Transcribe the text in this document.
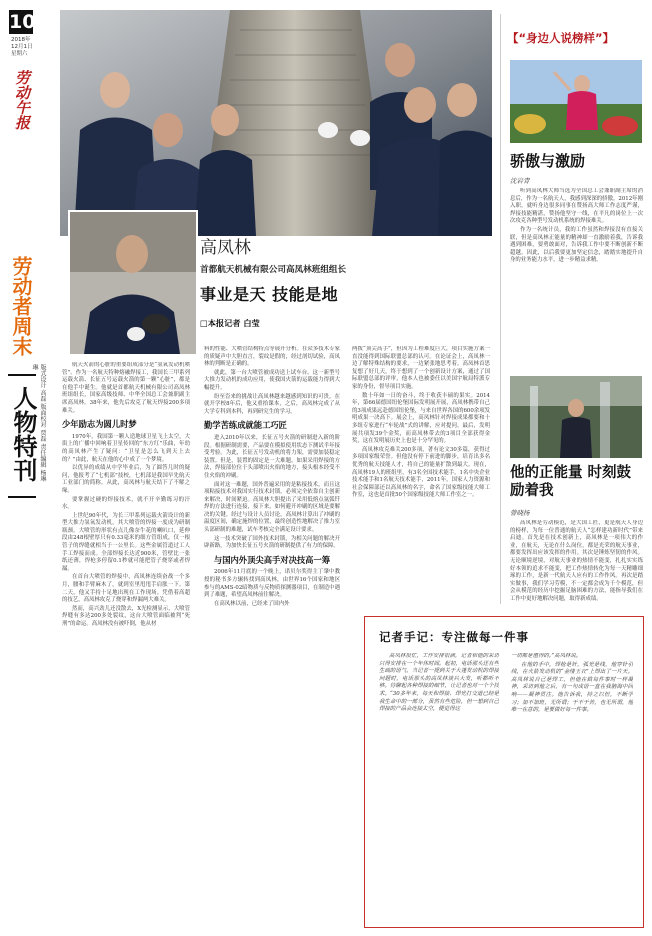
10
2018年
12月1日
星期六
劳动午报
劳动者周末
人物特刊
版式设计 高磊 版面校对 贾磊 责任编辑 杨琳琳
高凤林
首都航天机械有限公司高凤林班组组长
事业是天 技能是地
□本报记者 白莹

航天火箭的心脏的重要组成部分是“氢氧发动机喷管”。作为一名航天特种熔融焊接工，我国长三甲系列运载火箭、长征五号运载火箭的第一颗“心脏”，都是在他手中诞生。他就是首都航天机械有限公司高凤林班组组长，国家高级技师、中华全国总工会兼职副主席高凤林。38年来，他先后攻克了航天焊接200多项难关。

少年励志为圆儿时梦

1970年，我国第一颗人造地球卫星飞上太空，大街上的广播中回响着卫星传回的“东方红”乐曲，年幼的高凤林产生了疑问：“卫星是怎么飞到天上去的？”由此，航天在他的心中成了一个梦境。

以优异的成绩从中学毕业后，为了圆答儿时的疑问，他报考了“七机部”技校，七机部是我国早先航天工业部门的简称。从此，高凤林与航天结下了不解之缘。

要掌握过硬的焊接技术，就不开辛勤练习的汗水。

上世纪90年代，为长三甲系列运载火箭设计的新型大推力氢氧发动机，其大喷管的焊接一度成为研制瓶颈。大喷管的形状有点儿像奈牛花的喇叭口，延伸段由248根壁厚只有0.33毫米的细方管组成，仅一根管子的焊缝就相当于一公里长。这些金属管道过工人手工焊接而成。全部焊接长达近900米，管壁比一张纸还薄，焊枪多停留0.1秒就可能把管子烧穿或者焊漏。

在首台大喷管的焊接中，高凤林连续奋战一个多月，腰和手臂麻木了，就到室里甩甩手肩胀一下。第二天，他又手持十足地出现在工作现场。凭借着高超的技艺，高凤林攻克了烧穿和焊漏两大难关。

然而，高兴劲儿还没散去，X光检测显示，大喷管焊缝有多达200多处裂纹，这台大喷管面临被判“死刑”的命运。高凤林没有被吓倒，他从材

料的性能、大喷管结构特点等展开分析。在众多技术专家的质疑声中大胆直言，裂纹是假的，经过剖切试验，高凤林的判断是正确的。

就此，第一台大喷管被成功送上试车台，这一新型号大推力发动机的成功应用，使我国火箭的运载能力得到大幅提升。

纷至沓来的挑战让高凤林越来越感到知识的可贵，在就开学校8年后，他又重拾课本，之后，高凤林完成了从大学专科到本科，再到研究生的学习。

勤学苦练成就能工巧匠

进入2010年以来，长征五号火箭的研制进入新的阶段。根据研制需要，产品要在模拟使用状态下测试半年接受考验。为此，长征五号发动机的将力架，需要加装稳定装置。但是，装置的固定是一大难题，如果采用焊接的方法，焊接部位位于头部喷出火焰的地方，接头根本经受不住火焰的冲刷。

面对这一难题，国外普遍采用的是粘接技术，而且这项粘接技术对我国实行技术封锁，必须完全依靠自主创新来解决，时间紧迫。高凤林大胆提出了采用低熔点氩弧钎焊的方法进行连接，接下来，如何避开冲刷的区域是要解决的关键。经过与设计人员讨论，高凤林计算出了冲刷的温度区间，确定施焊的位置，最终创造性地解决了推力室头部研制的难题，试车考核完全满足设计要求。

这一技术突破了国外技术封锁，为相关问题的解决开辟新路，为加快长征五号火箭的研制提供了有力的保障。

与国内外顶尖高手对决技高一筹

2006年11月底的一个晚上，诺贝尔奖得主丁肇中教授的秘书多方辗转找到高凤林，由世界16个国家和地区参与的AMS-02暗物质与反物质探测器项目，在制造中遇到了难题，希望高凤林前往解决。

在高凤林以前，已经来了国内外

两拨“顶尖高手”，但因为工程难度巨大，项目实施方案一直没能得到国际联盟总部的认可。在论证会上，高凤林一边了解特殊结构的要求，一边紧张地思考着。高凤林首思复想了好几天，终于想到了一个创新设计方案，通过了国际联盟总部的评审，他本人也被委任以美国宇航局特派专家的身份，督导项目实施。

数十年如一日的奋斗，终于收获丰硕的果实。2014年，第66届德国纽伦堡国际发明展开展，高凤林携带自己的3项成果远赴德国纽伦堡，与来自世界各国的600余项发明成果一决高下。展会上，高凤林针对焊接成果都要和十多组专家进行“车轮战”式的讲解，应对提问。最后，发明展共项发39个金奖，而高凤林带去的3项目全部获得金奖，这在发明展历史上也是十分罕见的。

高凤林攻克难关200多项，著有论文30多篇，获得过多项国家级荣誉。但他没有停下前进的脚步，培育出多名优秀的航天技能人才，将自己的能量扩散到最大。现在，高凤林19人的班组里，有3名全国技术能手，1名中央企业技术能手和1名航天技术能手，2011年，国家人力资源和社会保障部还以高凤林的名字，命名了国家级技能大师工作室，这也是首批50个国家级技能大师工作室之一。

【“身边人说榜样”】
骄傲与激励
沈岩青

听到高凤林大师当选为全国总工会兼职副主席的消息后，作为一名航天人，我感到深深的骄傲。2012年刚入职，就听身边很多同事在赞扬高大师工作志度严谨，焊接技能精湛，赞扬他坚守一线，在平凡的岗位上一次次攻克各种型号发动机系统的焊接难关。

作为一名统计员，我的工作虽然和焊接没有直接关联，但是高凤林正能量的精神却一直激励着我，告诉我遇到困难，要勇敢面对，告诉我工作中要不断创新不断超越。因此，以后我要更加坚定信念，踏踏实地提升自身的业务能力水平，进一步精益求精。

他的正能量 时刻鼓励着我
曾晓扬

高凤林是劳动模范，是大国工匠，更是航天人身边的榜样，为每一位普通的航天人“怎样建功新时代”带来启迪。首先是在技术创新上，高凤林是一项伟大的作业，在航天，无论在什么岗位，都是光荣的航天事业，都要发挥出应该发挥的作用。其次是锤炼坚韧的作风。无论顺境逆境，对航天事业的热情不能变，扎扎实实练好本领的追求不能变，把工作热情转化为每一天精雕细琢的工作，是新一代航天人应有的工作作风。再次是踏实做事，我们学习劳模，不一定都会成为千个模范，但会从模范的经历中挖掘足脑困难的方法，能指导我们在工作中更好地解决问题，取得新成绩。

记者手记：专注做每一件事

高凤林很忙，工作安排很满，记者和他的采访只得安排在一个年休时间。起初，电话那头还有些生疏的语气，当记者一提到关于大篷发动机的焊接问题时，电话那头的高凤林谈兴大发，听都听不够。待聊起各种焊接的细节，让记者也对一个个技术。“30多年来，每天和焊接、焊光打交道已经是我生命中的一部分，虽然有些危险，但一想到自己焊接的产品会连接太空，便觉得这

一切都是值得的。”高凤林说。

在他的手中，焊枪是针，弧光是线，他穿针引线，在火箭发动机的“金缕玉衣”上焊出了一片天。高凤林说自己是焊工，但他在做每件事时一样凝神，采访到他之后，有一句成语一直在我脑海中回响——凝神贯注。他告诉我，持之以恒，不断学习；加不加班，无所谓；干不干苦，也无所谓，他唯一在意的，是要做好每一件事。
